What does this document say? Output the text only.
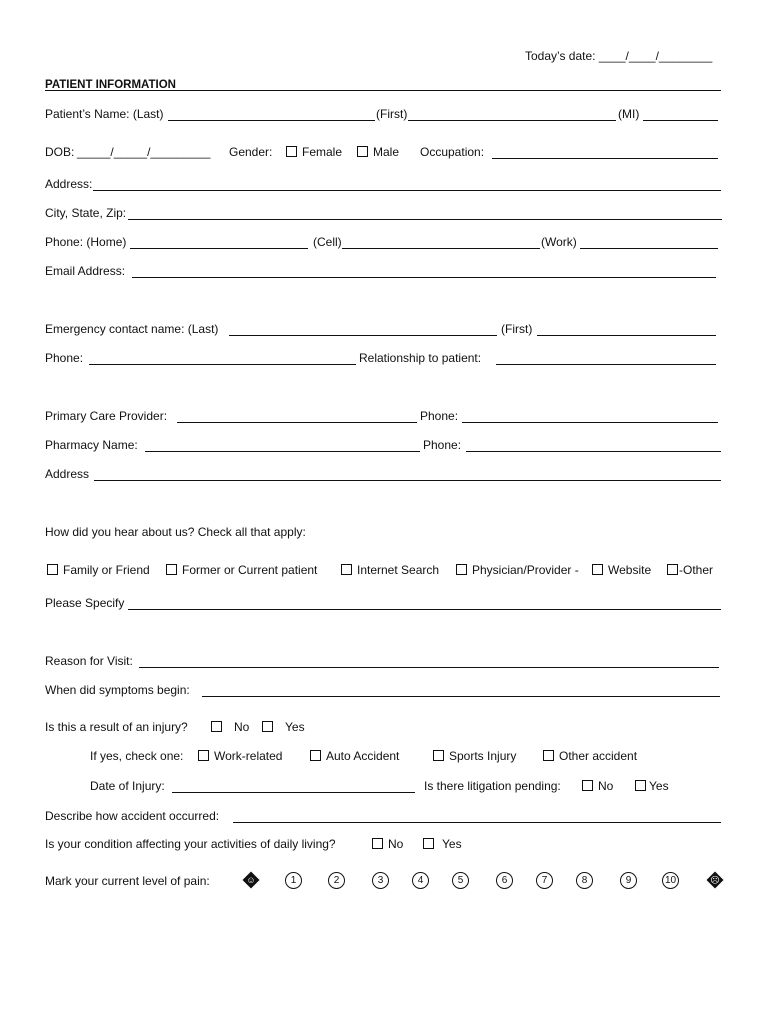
Today’s date: ____/____/________
PATIENT INFORMATION
Patient’s Name: (Last)	(First)	(MI)
DOB: _____/_____/_________ Gender:	Female	Male Occupation:
Address:
City, State, Zip:
Phone: (Home)	(Cell)	(Work)
Email Address:
Emergency contact name: (Last)	(First)
Phone:	Relationship to patient:
Primary Care Provider:	Phone:
Pharmacy Name:	Phone:
Address
How did you hear about us? Check all that apply:
Family or Friend	Former or Current patient	Internet Search	Physician/Provider -	Website	-Other
Please Specify
Reason for Visit:
When did symptoms begin:
Is this a result of an injury?	No	Yes
If yes, check one:	Work-related	Auto Accident	Sports Injury	Other accident
Date of Injury:	Is there litigation pending:	No	Yes
Describe how accident occurred:
Is your condition affecting your activities of daily living?	No	Yes
Mark your current level of pain:	☺	1	2	3	4	5	6	7	8	9	10	☹
